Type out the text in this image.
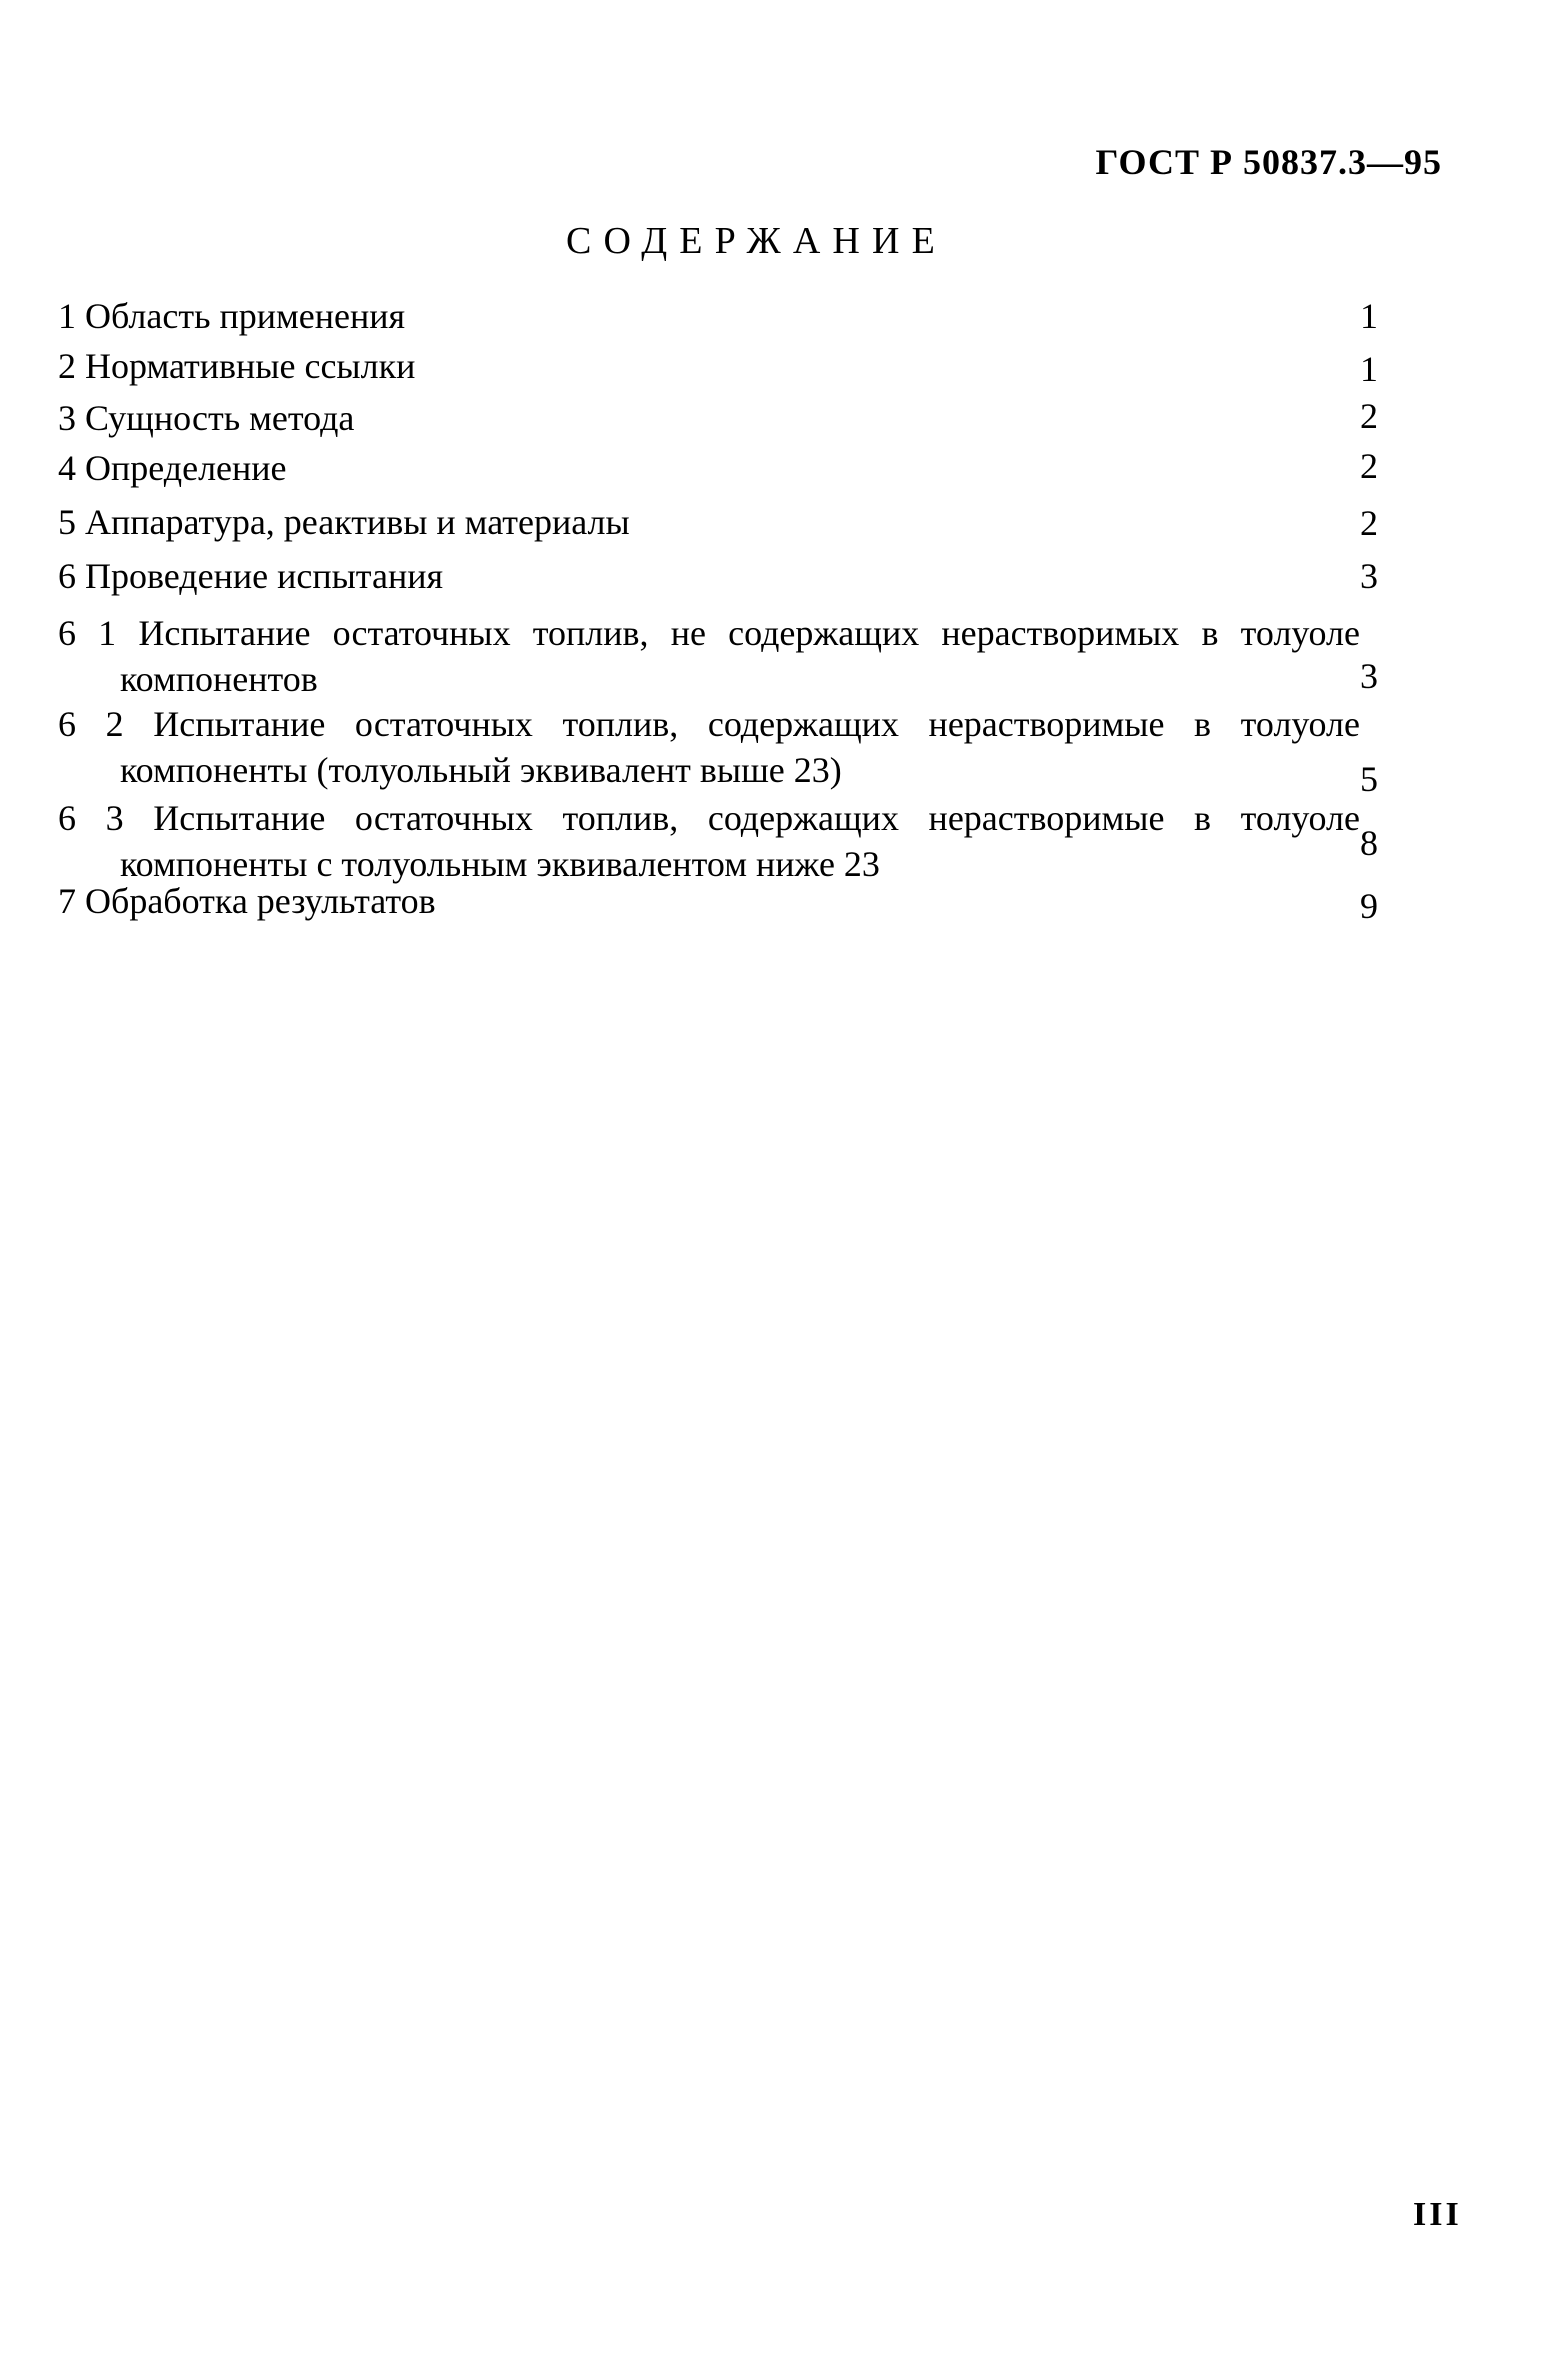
ГОСТ Р 50837.3—95
СОДЕРЖАНИЕ
1 Область применения
2 Нормативные ссылки
3 Сущность метода
4 Определение
5 Аппаратура, реактивы и материалы
6 Проведение испытания
6 1 Испытание остаточных топлив, не содержащих нерастворимых в толуоле
компонентов
6 2 Испытание остаточных топлив, содержащих нерастворимые в толуоле
компоненты (толуольный эквивалент выше 23)
6 3 Испытание остаточных топлив, содержащих нерастворимые в толуоле
компоненты с толуольным эквивалентом ниже 23
7 Обработка результатов
1
1
2
2
2
3
3
5
8
9
III
